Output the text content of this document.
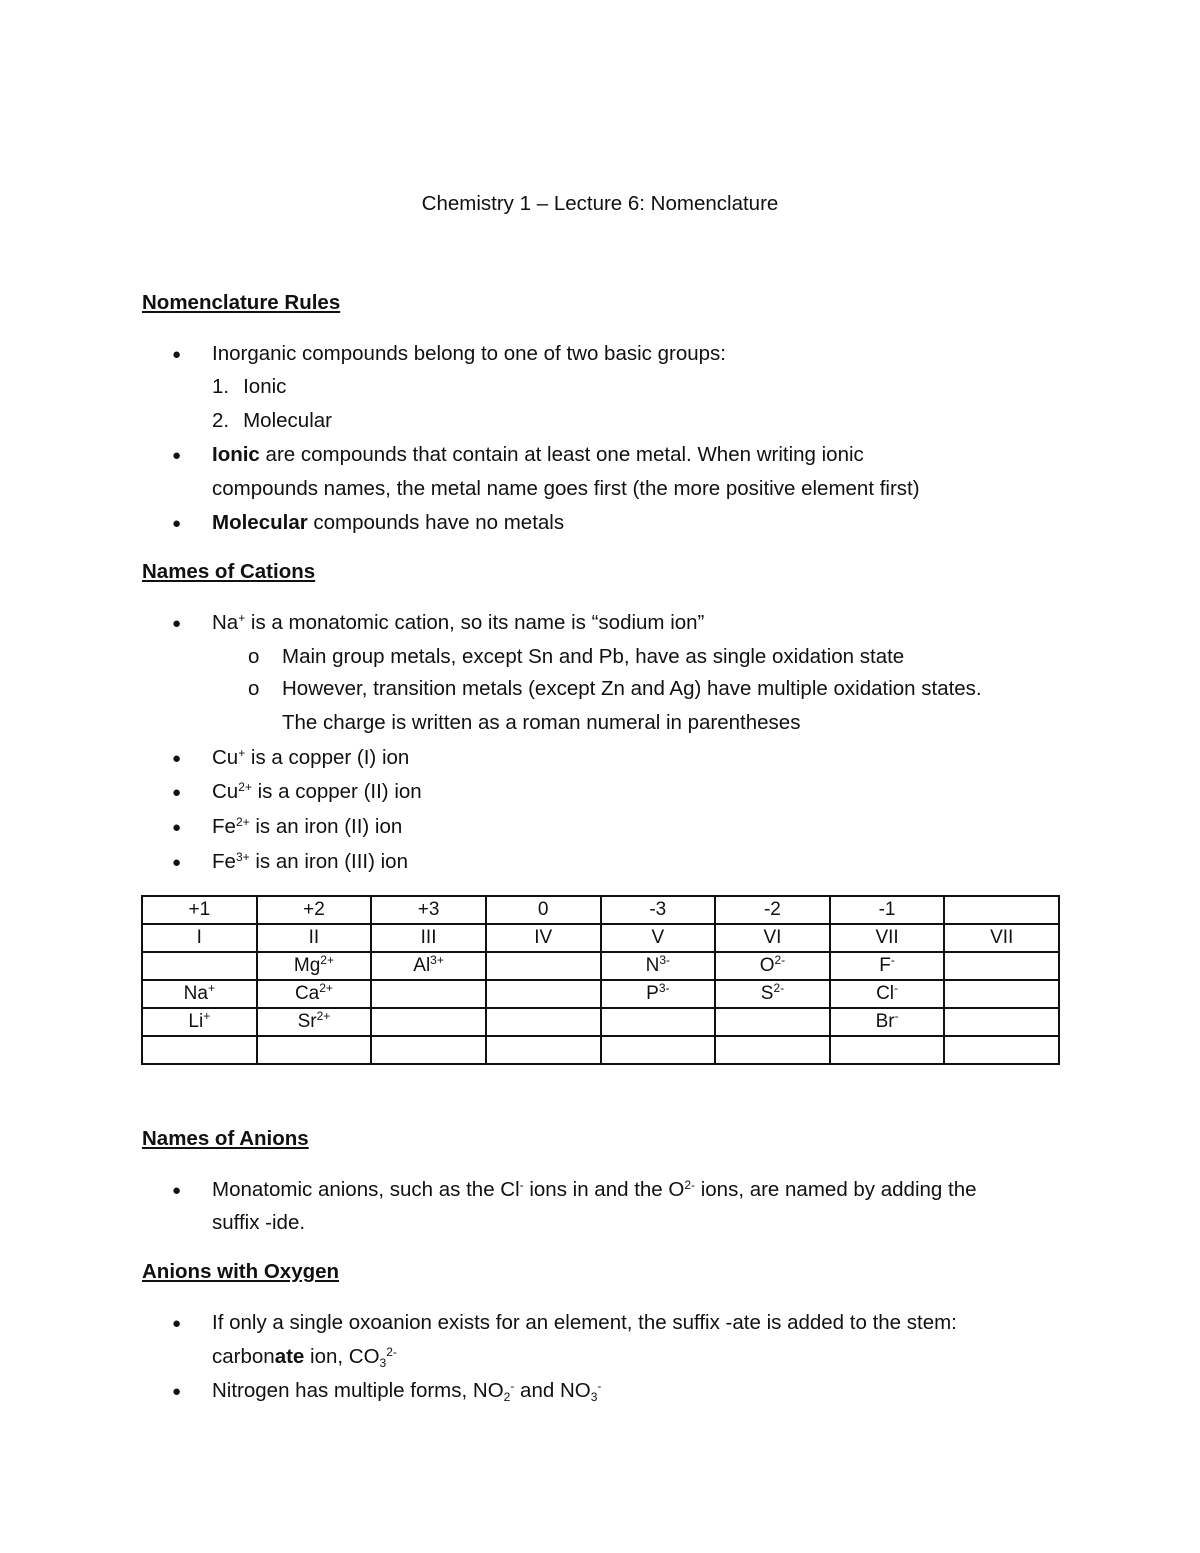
Chemistry 1 – Lecture 6: Nomenclature
Nomenclature Rules
● Inorganic compounds belong to one of two basic groups:
1. Ionic
2. Molecular
● Ionic are compounds that contain at least one metal. When writing ionic
compounds names, the metal name goes first (the more positive element first)
● Molecular compounds have no metals
Names of Cations
● Na+ is a monatomic cation, so its name is “sodium ion”
o Main group metals, except Sn and Pb, have as single oxidation state
o However, transition metals (except Zn and Ag) have multiple oxidation states.
The charge is written as a roman numeral in parentheses
● Cu+ is a copper (I) ion
● $Cu^{2+}$ is a copper (II) ion
● $Fe^{2+}$ is an iron (II) ion
● $Fe^{3+}$ is an iron (III) ion
+1	+2	+3	0	-3	-2	-1	
I	II	III	IV	V	VI	VII	VII
	$Mg^{2+}$	$Al^{3+}$		$N^{3-}$	$O^{2-}$	F-	
Na+	$Ca^{2+}$			$P^{3-}$	$S^{2-}$	Cl-	
Li+	$Sr^{2+}$					Br-	

Names of Anions
● Monatomic anions, such as the Cl- ions in and the $O^{2-}$ ions, are named by adding the
suffix -ide.
Anions with Oxygen
● If only a single oxoanion exists for an element, the suffix -ate is added to the stem:
carbonate ion, $CO_3^{2-}$
● Nitrogen has multiple forms, $NO_2^-$ and $NO_3^-$
